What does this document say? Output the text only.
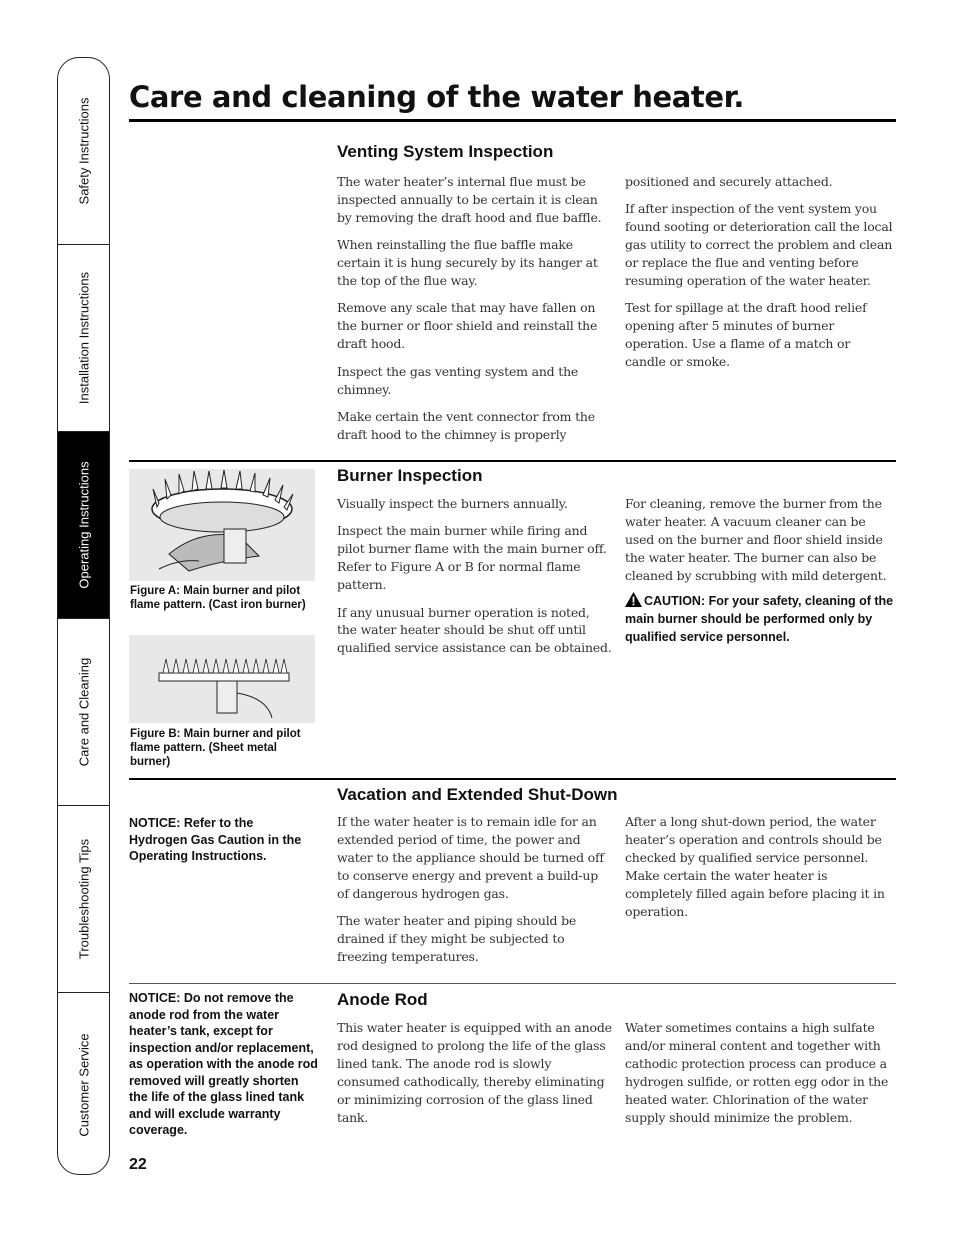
Safety Instructions
Installation Instructions
Operating Instructions
Care and Cleaning
Troubleshooting Tips
Customer Service
Care and cleaning of the water heater.
Venting System Inspection

The water heater’s internal flue must be inspected annually to be certain it is clean by removing the draft hood and flue baffle.

When reinstalling the flue baffle make certain it is hung securely by its hanger at the top of the flue way.

Remove any scale that may have fallen on the burner or floor shield and reinstall the draft hood.

Inspect the gas venting system and the chimney.

Make certain the vent connector from the draft hood to the chimney is properly

positioned and securely attached.

If after inspection of the vent system you found sooting or deterioration call the local gas utility to correct the problem and clean or replace the flue and venting before resuming operation of the water heater.

Test for spillage at the draft hood relief opening after 5 minutes of burner operation. Use a flame of a match or candle or smoke.

Figure A: Main burner and pilot flame pattern. (Cast iron burner)
Figure B: Main burner and pilot flame pattern. (Sheet metal burner)
Burner Inspection

Visually inspect the burners annually.

Inspect the main burner while firing and pilot burner flame with the main burner off. Refer to Figure A or B for normal flame pattern.

If any unusual burner operation is noted, the water heater should be shut off until qualified service assistance can be obtained.

For cleaning, remove the burner from the water heater. A vacuum cleaner can be used on the burner and floor shield inside the water heater. The burner can also be cleaned by scrubbing with mild detergent.

CAUTION: For your safety, cleaning of the main burner should be performed only by qualified service personnel.
NOTICE: Refer to the Hydrogen Gas Caution in the Operating Instructions.
Vacation and Extended Shut-Down

If the water heater is to remain idle for an extended period of time, the power and water to the appliance should be turned off to conserve energy and prevent a build-up of dangerous hydrogen gas.

The water heater and piping should be drained if they might be subjected to freezing temperatures.

After a long shut-down period, the water heater’s operation and controls should be checked by qualified service personnel. Make certain the water heater is completely filled again before placing it in operation.

NOTICE: Do not remove the anode rod from the water heater’s tank, except for inspection and/or replacement, as operation with the anode rod removed will greatly shorten the life of the glass lined tank and will exclude warranty coverage.
Anode Rod

This water heater is equipped with an anode rod designed to prolong the life of the glass lined tank. The anode rod is slowly consumed cathodically, thereby eliminating or minimizing corrosion of the glass lined tank.

Water sometimes contains a high sulfate and/or mineral content and together with cathodic protection process can produce a hydrogen sulfide, or rotten egg odor in the heated water. Chlorination of the water supply should minimize the problem.

22
